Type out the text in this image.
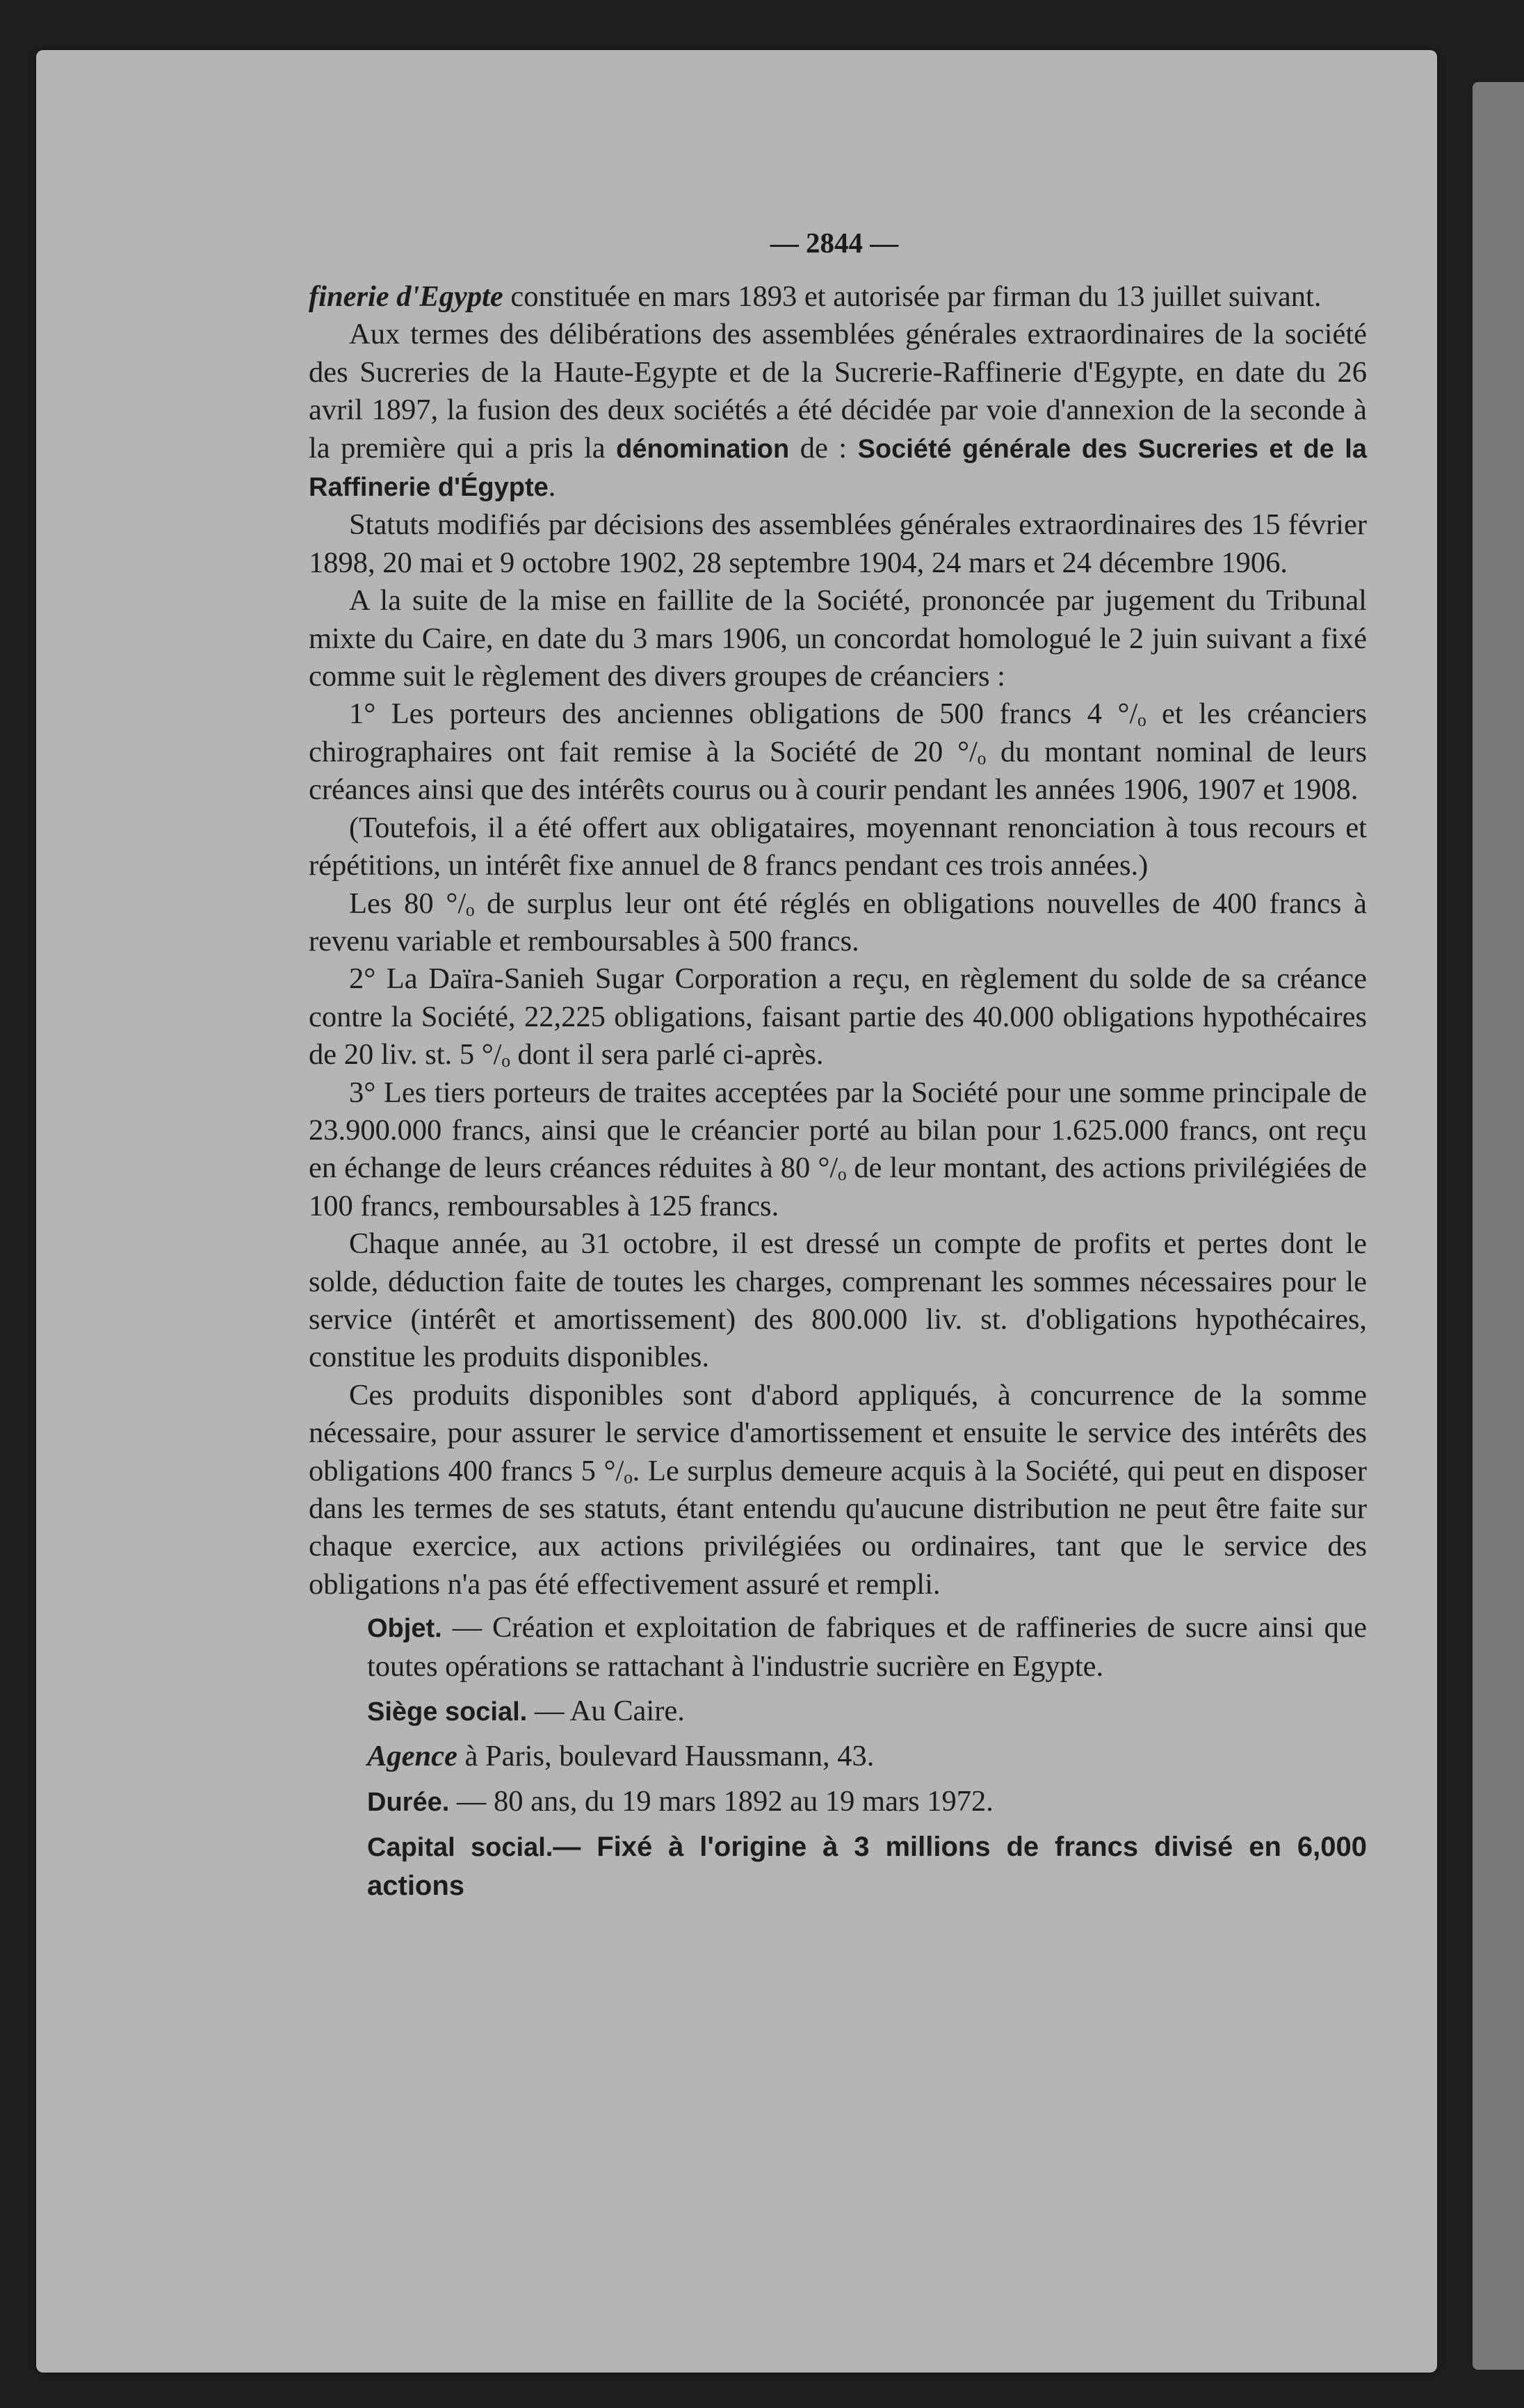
— 2844 —

finerie d'Egypte constituée en mars 1893 et autorisée par firman du 13 juillet suivant.

Aux termes des délibérations des assemblées générales extraordinaires de la société des Sucreries de la Haute-Egypte et de la Sucrerie-Raffinerie d'Egypte, en date du 26 avril 1897, la fusion des deux sociétés a été décidée par voie d'annexion de la seconde à la première qui a pris la dénomination de : Société générale des Sucreries et de la Raffinerie d'Égypte.

Statuts modifiés par décisions des assemblées générales extraordinaires des 15 février 1898, 20 mai et 9 octobre 1902, 28 septembre 1904, 24 mars et 24 décembre 1906.

A la suite de la mise en faillite de la Société, prononcée par jugement du Tribunal mixte du Caire, en date du 3 mars 1906, un concordat homologué le 2 juin suivant a fixé comme suit le règlement des divers groupes de créanciers :

1° Les porteurs des anciennes obligations de 500 francs 4 °/ₒ et les créanciers chirographaires ont fait remise à la Société de 20 °/ₒ du montant nominal de leurs créances ainsi que des intérêts courus ou à courir pendant les années 1906, 1907 et 1908.

(Toutefois, il a été offert aux obligataires, moyennant renonciation à tous recours et répétitions, un intérêt fixe annuel de 8 francs pendant ces trois années.)

Les 80 °/ₒ de surplus leur ont été réglés en obligations nouvelles de 400 francs à revenu variable et remboursables à 500 francs.

2° La Daïra-Sanieh Sugar Corporation a reçu, en règlement du solde de sa créance contre la Société, 22,225 obligations, faisant partie des 40.000 obligations hypothécaires de 20 liv. st. 5 °/ₒ dont il sera parlé ci-après.

3° Les tiers porteurs de traites acceptées par la Société pour une somme principale de 23.900.000 francs, ainsi que le créancier porté au bilan pour 1.625.000 francs, ont reçu en échange de leurs créances réduites à 80 °/ₒ de leur montant, des actions privilégiées de 100 francs, remboursables à 125 francs.

Chaque année, au 31 octobre, il est dressé un compte de profits et pertes dont le solde, déduction faite de toutes les charges, comprenant les sommes nécessaires pour le service (intérêt et amortissement) des 800.000 liv. st. d'obligations hypothécaires, constitue les produits disponibles.

Ces produits disponibles sont d'abord appliqués, à concurrence de la somme nécessaire, pour assurer le service d'amortissement et ensuite le service des intérêts des obligations 400 francs 5 °/ₒ. Le surplus demeure acquis à la Société, qui peut en disposer dans les termes de ses statuts, étant entendu qu'aucune distribution ne peut être faite sur chaque exercice, aux actions privilégiées ou ordinaires, tant que le service des obligations n'a pas été effectivement assuré et rempli.

Objet. — Création et exploitation de fabriques et de raffineries de sucre ainsi que toutes opérations se rattachant à l'industrie sucrière en Egypte.

Siège social. — Au Caire.

Agence à Paris, boulevard Haussmann, 43.

Durée. — 80 ans, du 19 mars 1892 au 19 mars 1972.

Capital social.— Fixé à l'origine à 3 millions de francs divisé en 6,000 actions
